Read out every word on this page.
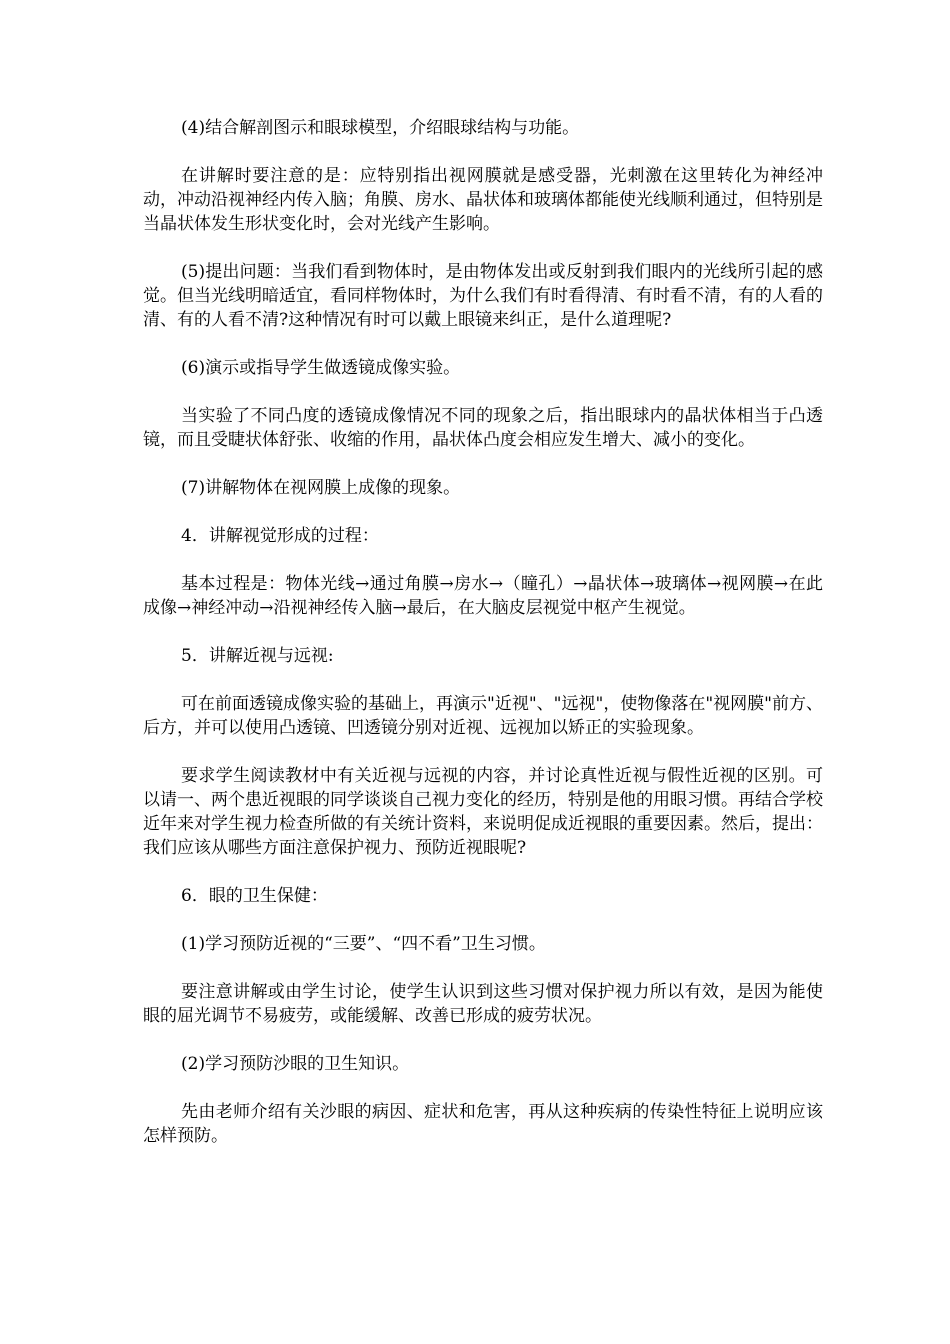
(4)结合解剖图示和眼球模型，介绍眼球结构与功能。

在讲解时要注意的是：应特别指出视网膜就是感受器，光刺激在这里转化为神经冲动，冲动沿视神经内传入脑；角膜、房水、晶状体和玻璃体都能使光线顺利通过，但特别是当晶状体发生形状变化时，会对光线产生影响。

(5)提出问题：当我们看到物体时，是由物体发出或反射到我们眼内的光线所引起的感觉。但当光线明暗适宜，看同样物体时，为什么我们有时看得清、有时看不清，有的人看的清、有的人看不清?这种情况有时可以戴上眼镜来纠正，是什么道理呢?

(6)演示或指导学生做透镜成像实验。

当实验了不同凸度的透镜成像情况不同的现象之后，指出眼球内的晶状体相当于凸透镜，而且受睫状体舒张、收缩的作用，晶状体凸度会相应发生增大、减小的变化。

(7)讲解物体在视网膜上成像的现象。

4．讲解视觉形成的过程：

基本过程是：物体光线→通过角膜→房水→（瞳孔）→晶状体→玻璃体→视网膜→在此成像→神经冲动→沿视神经传入脑→最后，在大脑皮层视觉中枢产生视觉。

5．讲解近视与远视:

可在前面透镜成像实验的基础上，再演示"近视"、"远视"，使物像落在"视网膜"前方、后方，并可以使用凸透镜、凹透镜分别对近视、远视加以矫正的实验现象。

要求学生阅读教材中有关近视与远视的内容，并讨论真性近视与假性近视的区别。可以请一、两个患近视眼的同学谈谈自己视力变化的经历，特别是他的用眼习惯。再结合学校近年来对学生视力检查所做的有关统计资料，来说明促成近视眼的重要因素。然后，提出：我们应该从哪些方面注意保护视力、预防近视眼呢?

6．眼的卫生保健：

(1)学习预防近视的“三要”、“四不看”卫生习惯。

要注意讲解或由学生讨论，使学生认识到这些习惯对保护视力所以有效，是因为能使眼的屈光调节不易疲劳，或能缓解、改善已形成的疲劳状况。

(2)学习预防沙眼的卫生知识。

先由老师介绍有关沙眼的病因、症状和危害，再从这种疾病的传染性特征上说明应该怎样预防。
